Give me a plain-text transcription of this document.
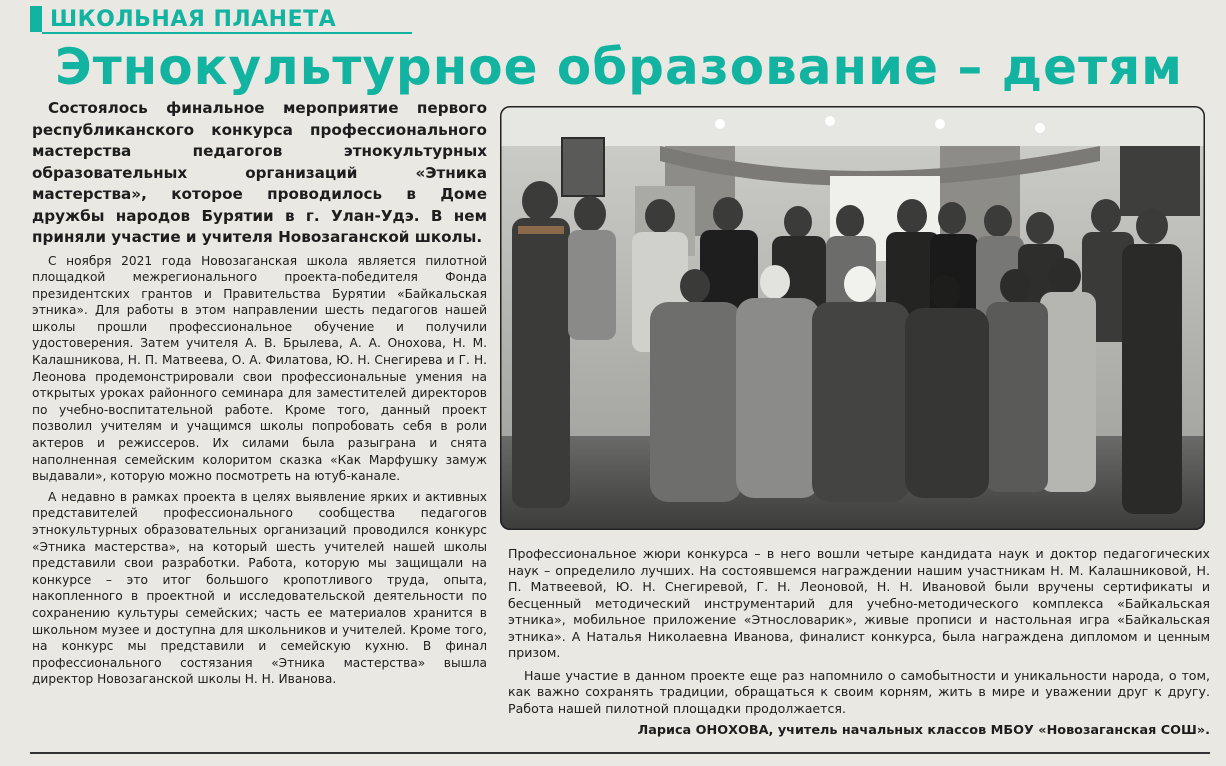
ШКОЛЬНАЯ ПЛАНЕТА
Этнокультурное образование – детям

Состоялось финальное мероприятие первого республиканского конкурса профессионального мастерства педагогов этнокультурных образовательных организаций «Этника мастерства», которое проводилось в Доме дружбы народов Бурятии в г. Улан-Удэ. В нем приняли участие и учителя Новозаганской школы.

С ноября 2021 года Новозаганская школа является пилотной площадкой межрегионального проекта-победителя Фонда президентских грантов и Правительства Бурятии «Байкальская этника». Для работы в этом направлении шесть педагогов нашей школы прошли профессиональное обучение и получили удостоверения. Затем учителя А. В. Брылева, А. А. Онохова, Н. М. Калашникова, Н. П. Матвеева, О. А. Филатова, Ю. Н. Снегирева и Г. Н. Леонова продемонстрировали свои профессиональные умения на открытых уроках районного семинара для заместителей директоров по учебно-воспитательной работе. Кроме того, данный проект позволил учителям и учащимся школы попробовать себя в роли актеров и режиссеров. Их силами была разыграна и снята наполненная семейским колоритом сказка «Как Марфушку замуж выдавали», которую можно посмотреть на ютуб-канале.

А недавно в рамках проекта в целях выявление ярких и активных представителей профессионального сообщества педагогов этнокультурных образовательных организаций проводился конкурс «Этника мастерства», на который шесть учителей нашей школы представили свои разработки. Работа, которую мы защищали на конкурсе – это итог большого кропотливого труда, опыта, накопленного в проектной и исследовательской деятельности по сохранению культуры семейских; часть ее материалов хранится в школьном музее и доступна для школьников и учителей. Кроме того, на конкурс мы представили и семейскую кухню. В финал профессионального состязания «Этника мастерства» вышла директор Новозаганской школы Н. Н. Иванова.

Профессиональное жюри конкурса – в него вошли четыре кандидата наук и доктор педагогических наук – определило лучших. На состоявшемся награждении нашим участникам Н. М. Калашниковой, Н. П. Матвеевой, Ю. Н. Снегиревой, Г. Н. Леоновой, Н. Н. Ивановой были вручены сертификаты и бесценный методический инструментарий для учебно-методического комплекса «Байкальская этника», мобильное приложение «Этнословарик», живые прописи и настольная игра «Байкальская этника». А Наталья Николаевна Иванова, финалист конкурса, была награждена дипломом и ценным призом.

Наше участие в данном проекте еще раз напомнило о самобытности и уникальности народа, о том, как важно сохранять традиции, обращаться к своим корням, жить в мире и уважении друг к другу. Работа нашей пилотной площадки продолжается.

Лариса ОНОХОВА, учитель начальных классов МБОУ «Новозаганская СОШ».
